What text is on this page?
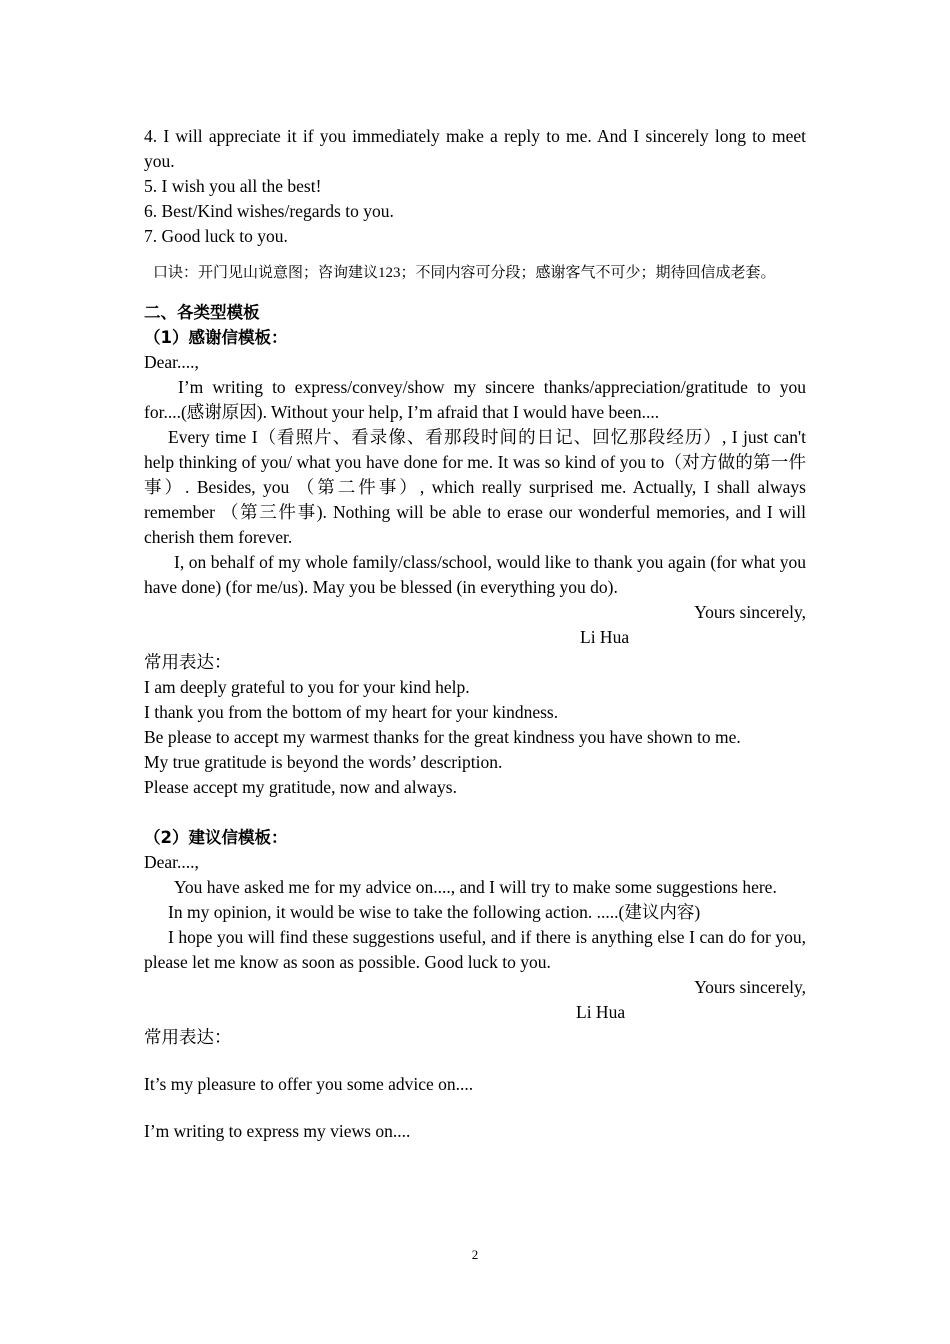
4. I will appreciate it if you immediately make a reply to me. And I sincerely long to meet you.

5. I wish you all the best!

6. Best/Kind wishes/regards to you.

7. Good luck to you.

口诀：开门见山说意图；咨询建议123；不同内容可分段；感谢客气不可少；期待回信成老套。

二、各类型模板

（1）感谢信模板：

Dear....,

I’m writing to express/convey/show my sincere thanks/appreciation/gratitude to you for....(感谢原因). Without your help, I’m afraid that I would have been....

Every time I（看照片、看录像、看那段时间的日记、回忆那段经历）, I just can't help thinking of you/ what you have done for me. It was so kind of you to（对方做的第一件事）. Besides, you （第二件事）, which really surprised me. Actually, I shall always remember （第三件事). Nothing will be able to erase our wonderful memories, and I will cherish them forever.

I, on behalf of my whole family/class/school, would like to thank you again (for what you have done) (for me/us). May you be blessed (in everything you do).

Yours sincerely,

Li Hua

常用表达：

I am deeply grateful to you for your kind help.

I thank you from the bottom of my heart for your kindness.

Be please to accept my warmest thanks for the great kindness you have shown to me.

My true gratitude is beyond the words’ description.

Please accept my gratitude, now and always.

（2）建议信模板：

Dear....,

You have asked me for my advice on...., and I will try to make some suggestions here.

In my opinion, it would be wise to take the following action. .....(建议内容)

I hope you will find these suggestions useful, and if there is anything else I can do for you, please let me know as soon as possible. Good luck to you.

Yours sincerely,

Li Hua

常用表达：

It’s my pleasure to offer you some advice on....

I’m writing to express my views on....

2
